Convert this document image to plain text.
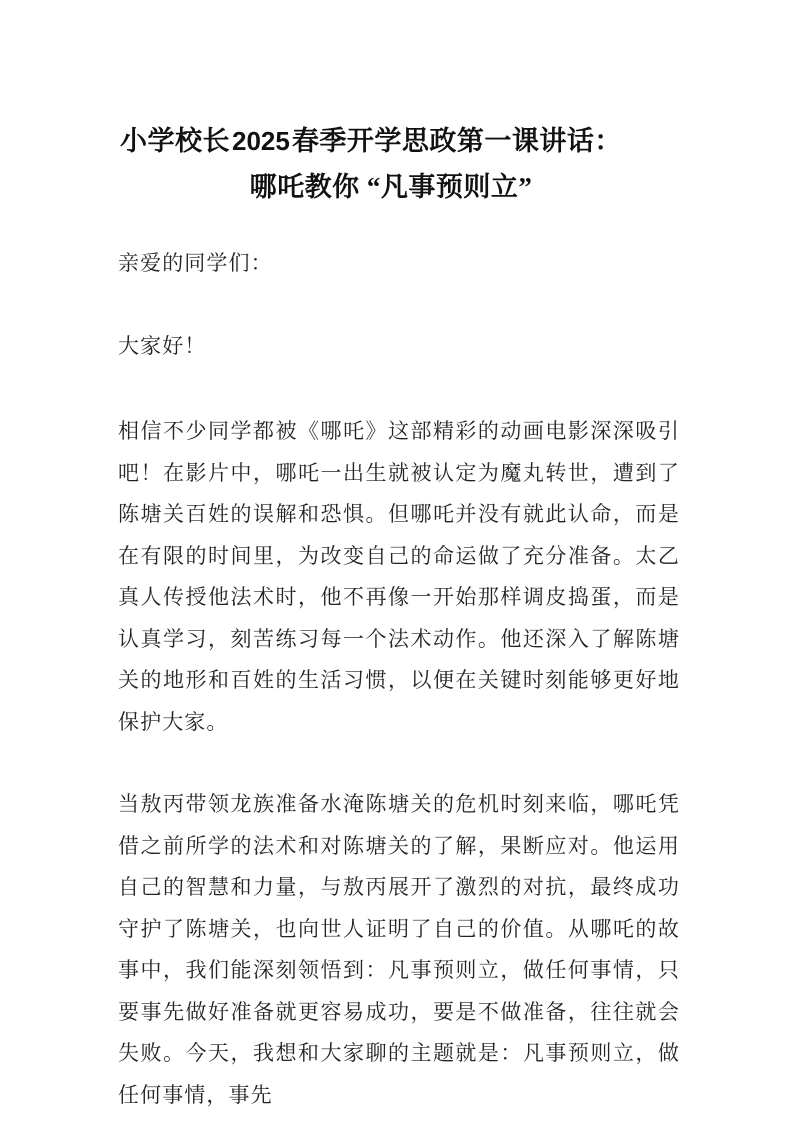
小学校长2025春季开学思政第一课讲话：
哪吒教你 “凡事预则立”

亲爱的同学们：

大家好！

相信不少同学都被《哪吒》这部精彩的动画电影深深吸引吧！在影片中，哪吒一出生就被认定为魔丸转世，遭到了陈塘关百姓的误解和恐惧。但哪吒并没有就此认命，而是在有限的时间里，为改变自己的命运做了充分准备。太乙真人传授他法术时，他不再像一开始那样调皮捣蛋，而是认真学习，刻苦练习每一个法术动作。他还深入了解陈塘关的地形和百姓的生活习惯，以便在关键时刻能够更好地保护大家。

当敖丙带领龙族准备水淹陈塘关的危机时刻来临，哪吒凭借之前所学的法术和对陈塘关的了解，果断应对。他运用自己的智慧和力量，与敖丙展开了激烈的对抗，最终成功守护了陈塘关，也向世人证明了自己的价值。从哪吒的故事中，我们能深刻领悟到：凡事预则立，做任何事情，只要事先做好准备就更容易成功，要是不做准备，往往就会失败。今天，我想和大家聊的主题就是：凡事预则立，做任何事情，事先
